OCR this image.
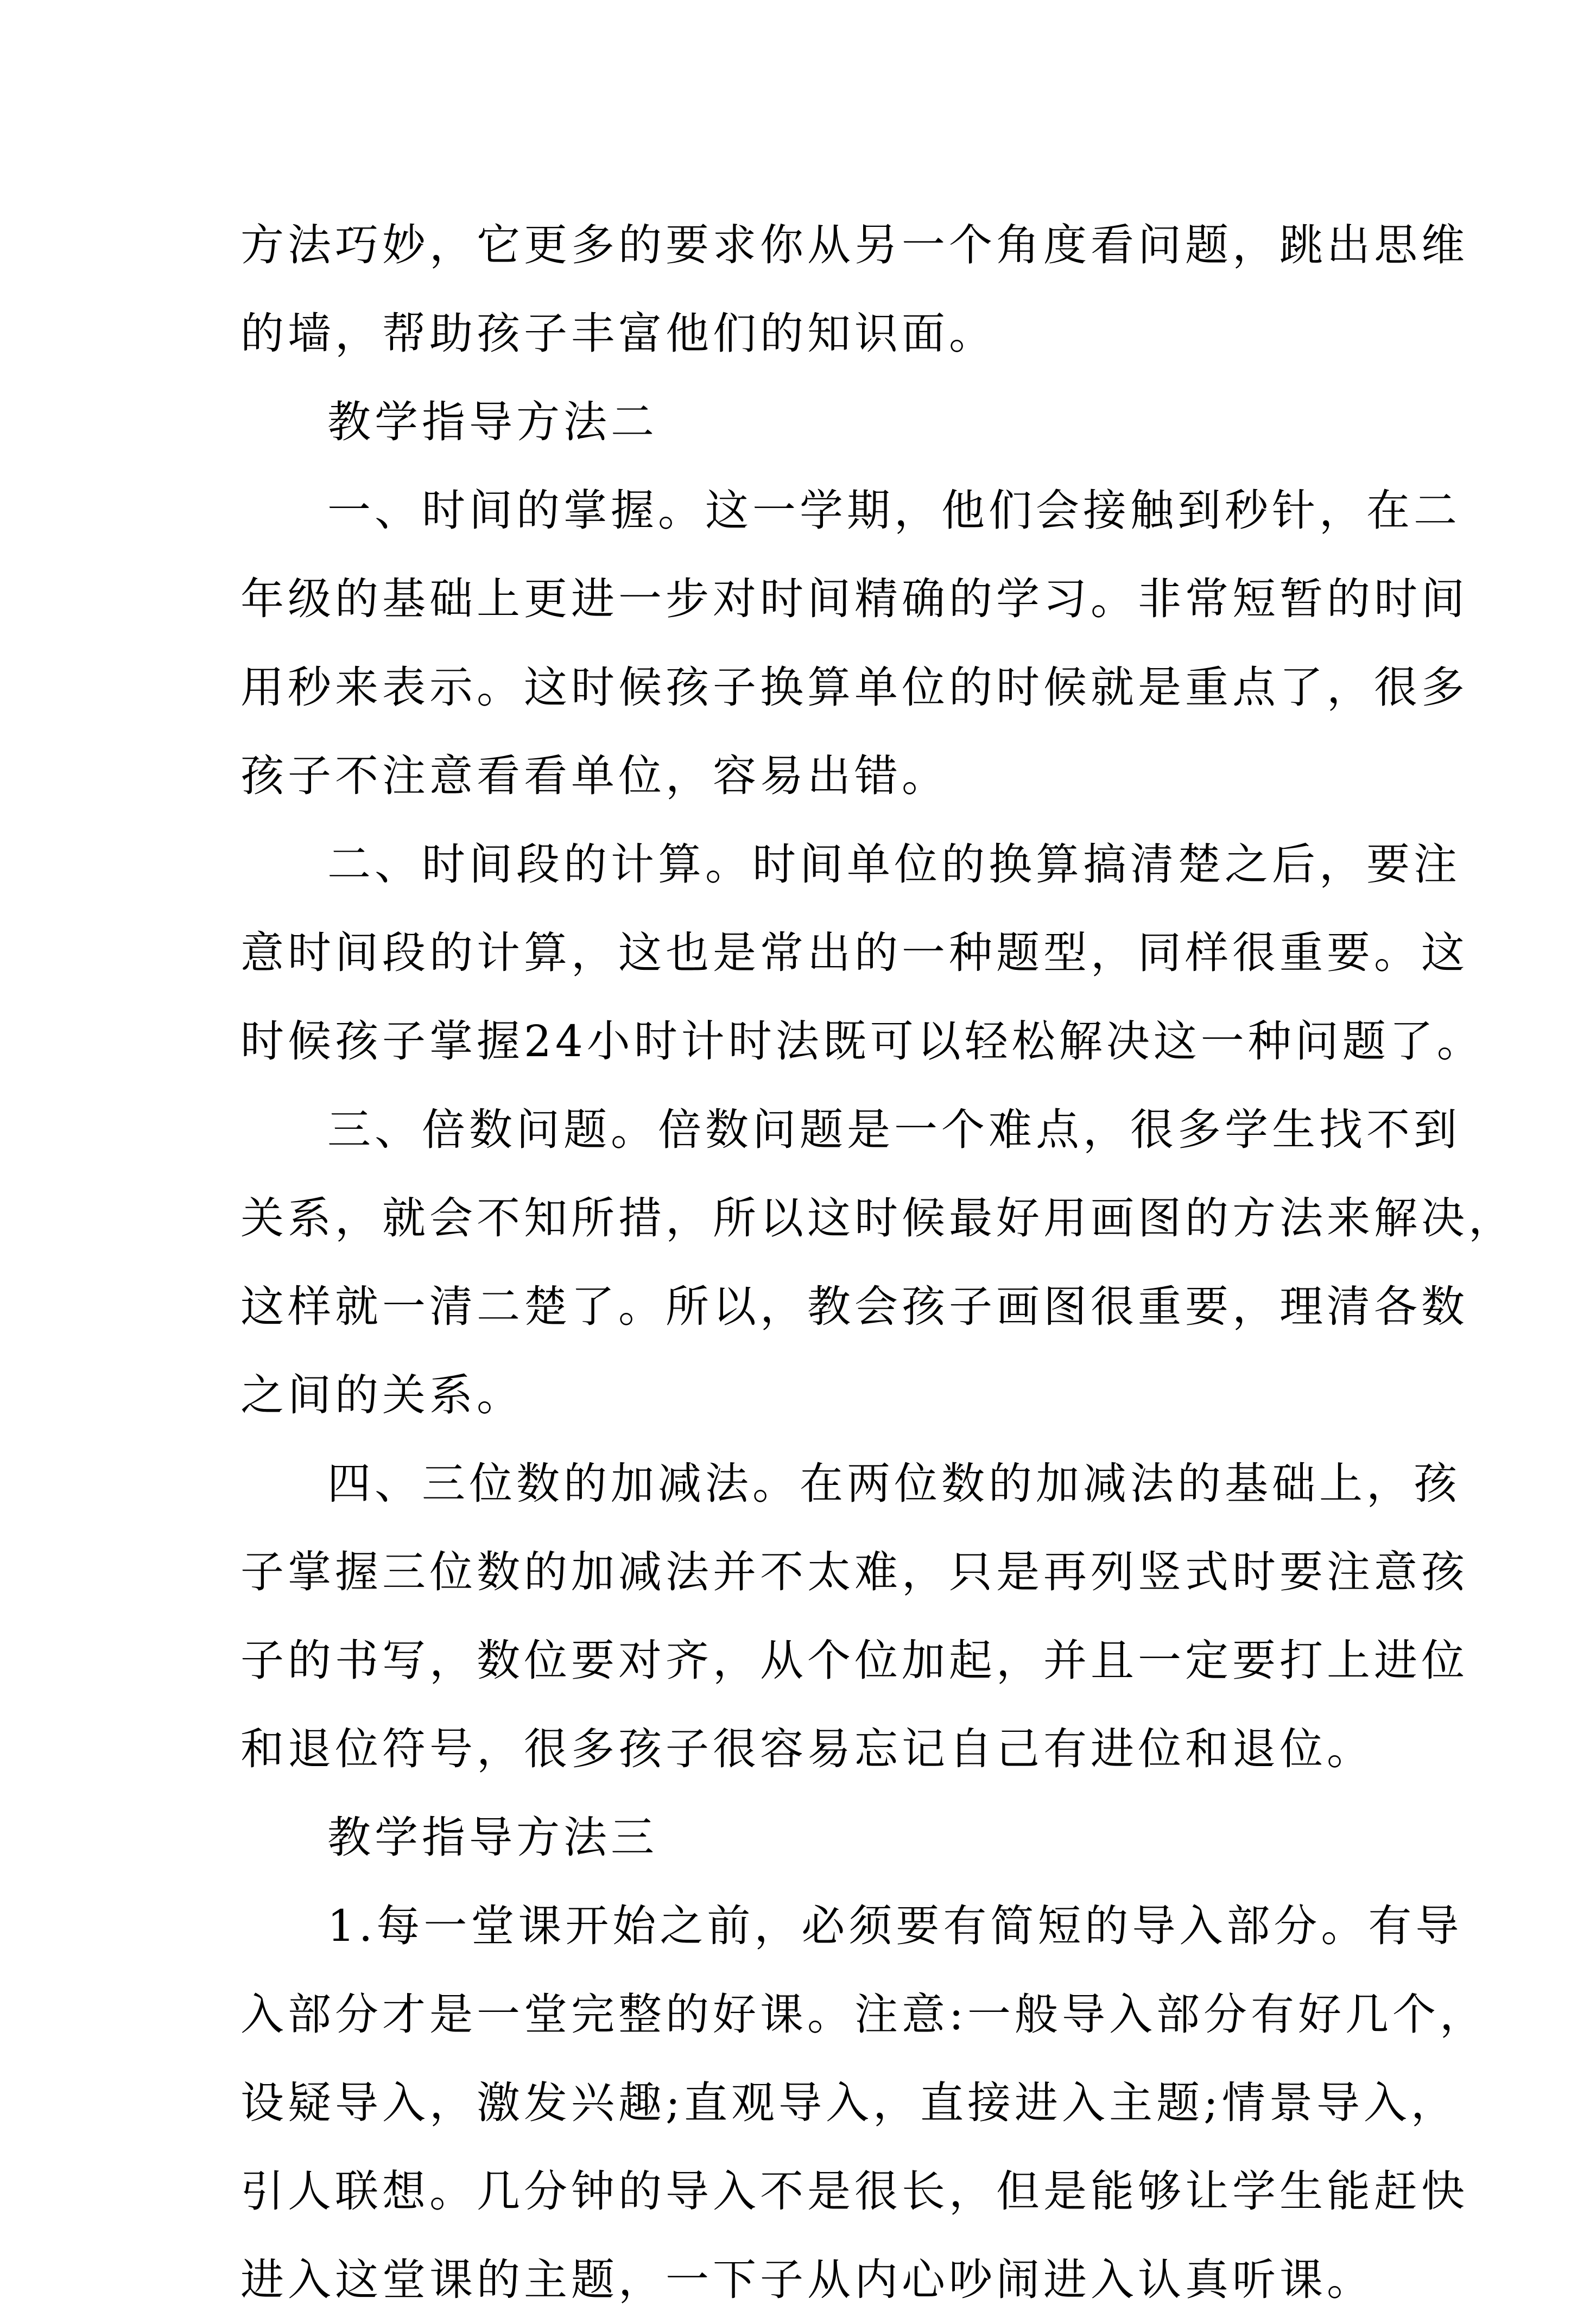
方法巧妙，它更多的要求你从另一个角度看问题，跳出思维
的墙，帮助孩子丰富他们的知识面。
教学指导方法二
一、时间的掌握。这一学期，他们会接触到秒针，在二
年级的基础上更进一步对时间精确的学习。非常短暂的时间
用秒来表示。这时候孩子换算单位的时候就是重点了，很多
孩子不注意看看单位，容易出错。
二、时间段的计算。时间单位的换算搞清楚之后，要注
意时间段的计算，这也是常出的一种题型，同样很重要。这
时候孩子掌握24小时计时法既可以轻松解决这一种问题了。
三、倍数问题。倍数问题是一个难点，很多学生找不到
关系，就会不知所措，所以这时候最好用画图的方法来解决，
这样就一清二楚了。所以，教会孩子画图很重要，理清各数
之间的关系。
四、三位数的加减法。在两位数的加减法的基础上，孩
子掌握三位数的加减法并不太难，只是再列竖式时要注意孩
子的书写，数位要对齐，从个位加起，并且一定要打上进位
和退位符号，很多孩子很容易忘记自己有进位和退位。
教学指导方法三
1.每一堂课开始之前，必须要有简短的导入部分。有导
入部分才是一堂完整的好课。注意:一般导入部分有好几个，
设疑导入，激发兴趣;直观导入，直接进入主题;情景导入，
引人联想。几分钟的导入不是很长，但是能够让学生能赶快
进入这堂课的主题，一下子从内心吵闹进入认真听课。
